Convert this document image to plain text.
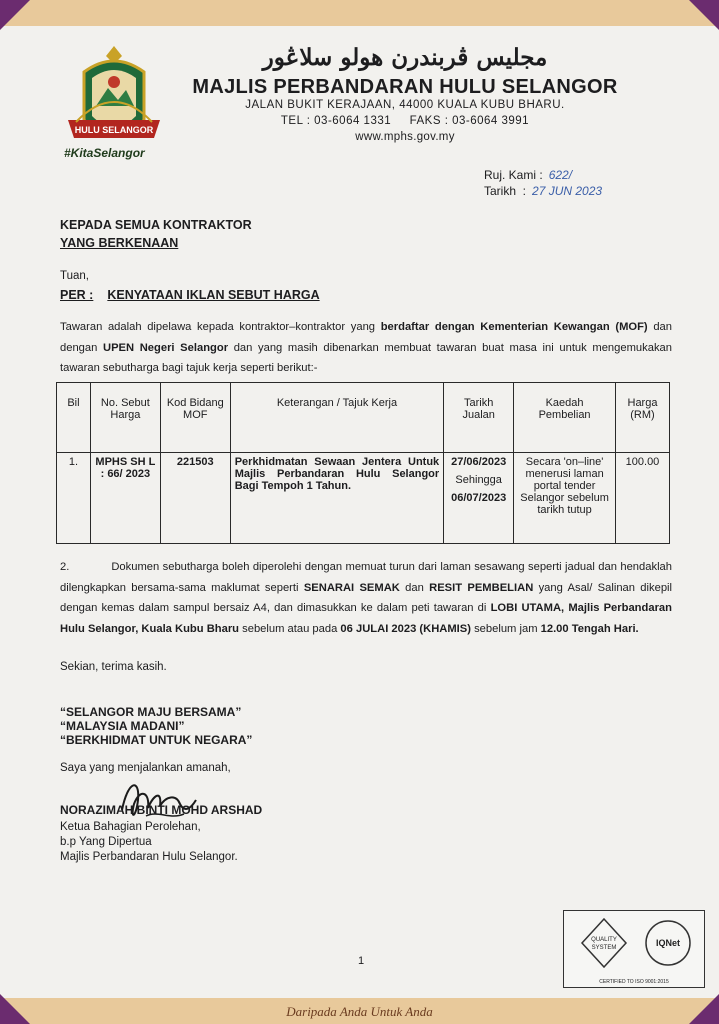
HULU SELANGOR
#KitaSelangor
مجليس ڤربندرن هولو سلاڠور
MAJLIS PERBANDARAN HULU SELANGOR
JALAN BUKIT KERAJAAN, 44000 KUALA KUBU BHARU.
TEL : 03-6064 1331     FAKS : 03-6064 3991
www.mphs.gov.my
Ruj. Kami : 622/
Tarikh  : 27 JUN 2023
KEPADA SEMUA KONTRAKTOR
YANG BERKENAAN
Tuan,
PER : KENYATAAN IKLAN SEBUT HARGA
Tawaran adalah dipelawa kepada kontraktor–kontraktor yang berdaftar dengan Kementerian Kewangan (MOF) dan dengan UPEN Negeri Selangor dan yang masih dibenarkan membuat tawaran buat masa ini untuk mengemukakan tawaran sebutharga bagi tajuk kerja seperti berikut:-
Bil	No. Sebut Harga	Kod Bidang MOF	Keterangan / Tajuk Kerja	Tarikh Jualan	Kaedah Pembelian	Harga (RM)
1.	MPHS SH L : 66/ 2023	221503	Perkhidmatan Sewaan Jentera Untuk Majlis Perbandaran Hulu Selangor Bagi Tempoh 1 Tahun.	27/06/2023
Sehingga
06/07/2023	Secara 'on–line' menerusi laman portal tender Selangor sebelum tarikh tutup	100.00
2.	Dokumen sebutharga boleh diperolehi dengan memuat turun dari laman sesawang seperti jadual dan hendaklah dilengkapkan bersama-sama maklumat seperti SENARAI SEMAK dan RESIT PEMBELIAN yang Asal/ Salinan dikepil dengan kemas dalam sampul bersaiz A4, dan dimasukkan ke dalam peti tawaran di LOBI UTAMA, Majlis Perbandaran Hulu Selangor, Kuala Kubu Bharu sebelum atau pada 06 JULAI 2023 (KHAMIS) sebelum jam 12.00 Tengah Hari.
Sekian, terima kasih.
“SELANGOR MAJU BERSAMA”
“MALAYSIA MADANI”
“BERKHIDMAT UNTUK NEGARA”
Saya yang menjalankan amanah,
NORAZIMAH BINTI MOHD ARSHAD
Ketua Bahagian Perolehan,
b.p Yang Dipertua
Majlis Perbandaran Hulu Selangor.
1
QUALITY
SYSTEM	IQNet
CERTIFIED TO ISO 9001:2015
Daripada Anda Untuk Anda
